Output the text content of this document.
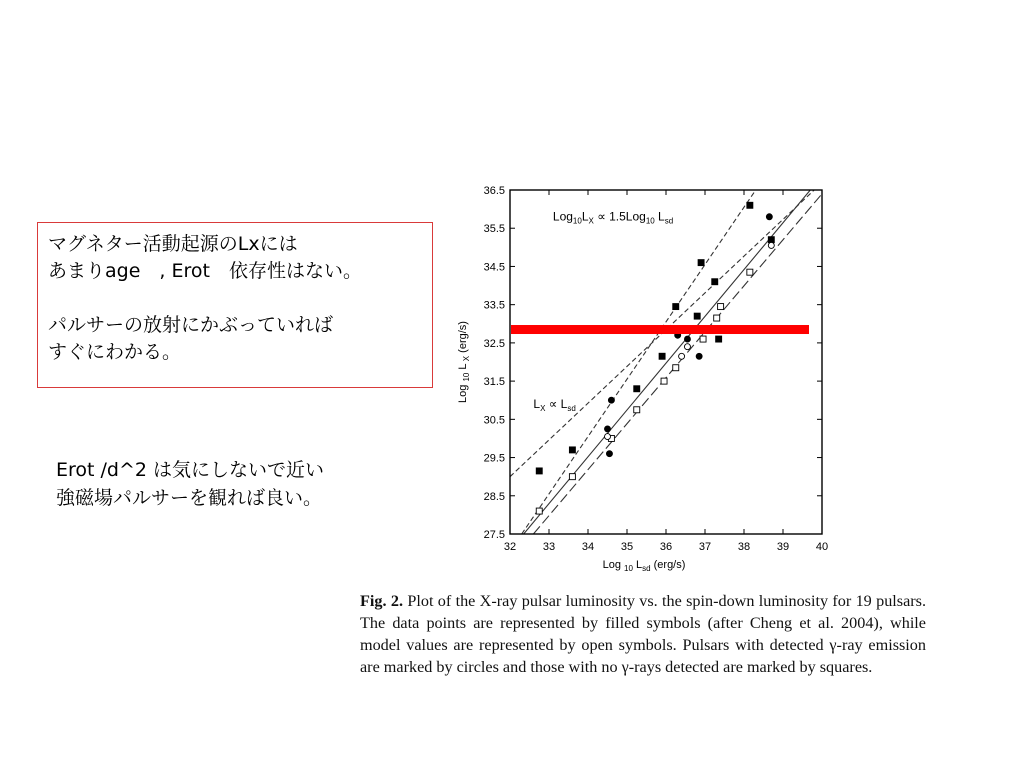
マグネター活動起源のLxには
あまりage　, Erot　依存性はない。
パルサーの放射にかぶっていれば
すぐにわかる。
Erot /d^2 は気にしないで近い
強磁場パルサーを観れば良い。
32 33 34 35 36 37 38 39 40
27.5
28.5
29.5
30.5
31.5
32.5
33.5
34.5
35.5
36.5
$Log_{10}L_X \propto 1.5Log_{10}$ $L_{sd}$
$L_X \propto L_{sd}$
Log $_{10}$ $L_{sd}$ (erg/s)
Log $_{10}$ L $_X$ (erg/s)
Fig. 2. Plot of the X-ray pulsar luminosity vs. the spin-down luminosity for 19 pulsars. The data points are represented by filled symbols (after Cheng et al. 2004), while model values are represented by open symbols. Pulsars with detected γ-ray emission are marked by circles and those with no γ-rays detected are marked by squares.
